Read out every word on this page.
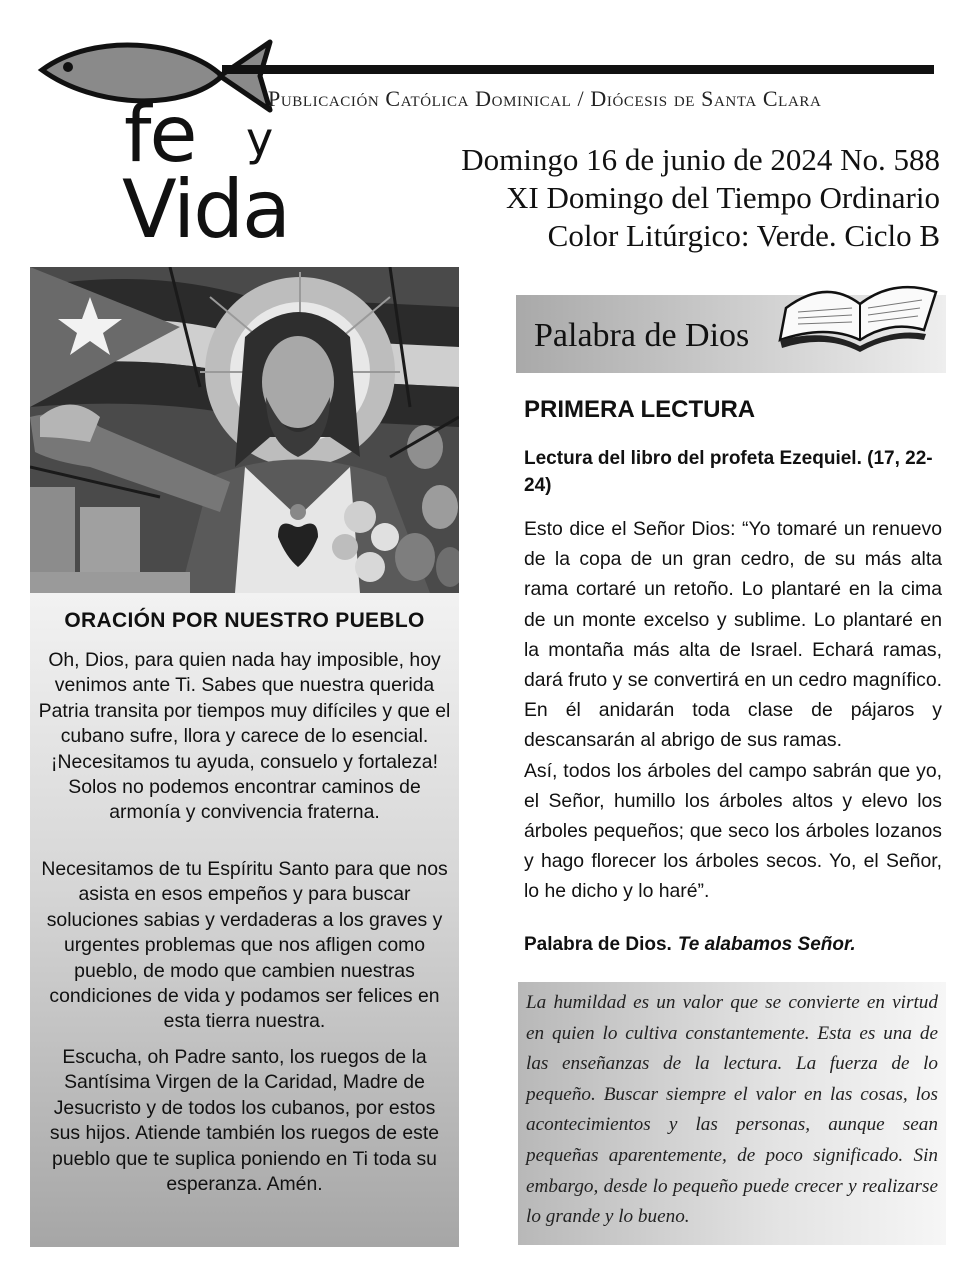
Publicación Católica Dominical / Diócesis de Santa Clara
fe y
Vida
Domingo 16 de junio de 2024 No. 588
XI Domingo del Tiempo Ordinario
Color Litúrgico: Verde. Ciclo B
ORACIÓN POR NUESTRO PUEBLO
Oh, Dios, para quien nada hay imposible, hoy venimos ante Ti. Sabes que nuestra querida Patria transita por tiempos muy difíciles y que el cubano sufre, llora y carece de lo esencial. ¡Necesitamos tu ayuda, consuelo y fortaleza! Solos no podemos encontrar caminos de armonía y convivencia fraterna.
Necesitamos de tu Espíritu Santo para que nos asista en esos empeños y para buscar soluciones sabias y verdaderas a los graves y urgentes problemas que nos afligen como pueblo, de modo que cambien nuestras condiciones de vida y podamos ser felices en esta tierra nuestra.
Escucha, oh Padre santo, los ruegos de la Santísima Virgen de la Caridad, Madre de Jesucristo y de todos los cubanos, por estos sus hijos. Atiende también los ruegos de este pueblo que te suplica poniendo en Ti toda su esperanza. Amén.
Palabra de Dios
PRIMERA LECTURA
Lectura del libro del profeta Ezequiel. (17, 22-24)

Esto dice el Señor Dios: “Yo tomaré un renuevo de la copa de un gran cedro, de su más alta rama cortaré un retoño. Lo plantaré en la cima de un monte excelso y sublime. Lo plantaré en la montaña más alta de Israel. Echará ramas, dará fruto y se convertirá en un cedro magnífico. En él anidarán toda clase de pájaros y descansarán al abrigo de sus ramas.

Así, todos los árboles del campo sabrán que yo, el Señor, humillo los árboles altos y elevo los árboles pequeños; que seco los árboles lozanos y hago florecer los árboles secos. Yo, el Señor, lo he dicho y lo haré”.

Palabra de Dios. Te alabamos Señor.
La humildad es un valor que se convierte en virtud en quien lo cultiva constantemente. Esta es una de las enseñanzas de la lectura. La fuerza de lo pequeño. Buscar siempre el valor en las cosas, los acontecimientos y las personas, aunque sean pequeñas aparentemente, de poco significado. Sin embargo, desde lo pequeño puede crecer y realizarse lo grande y lo bueno.
